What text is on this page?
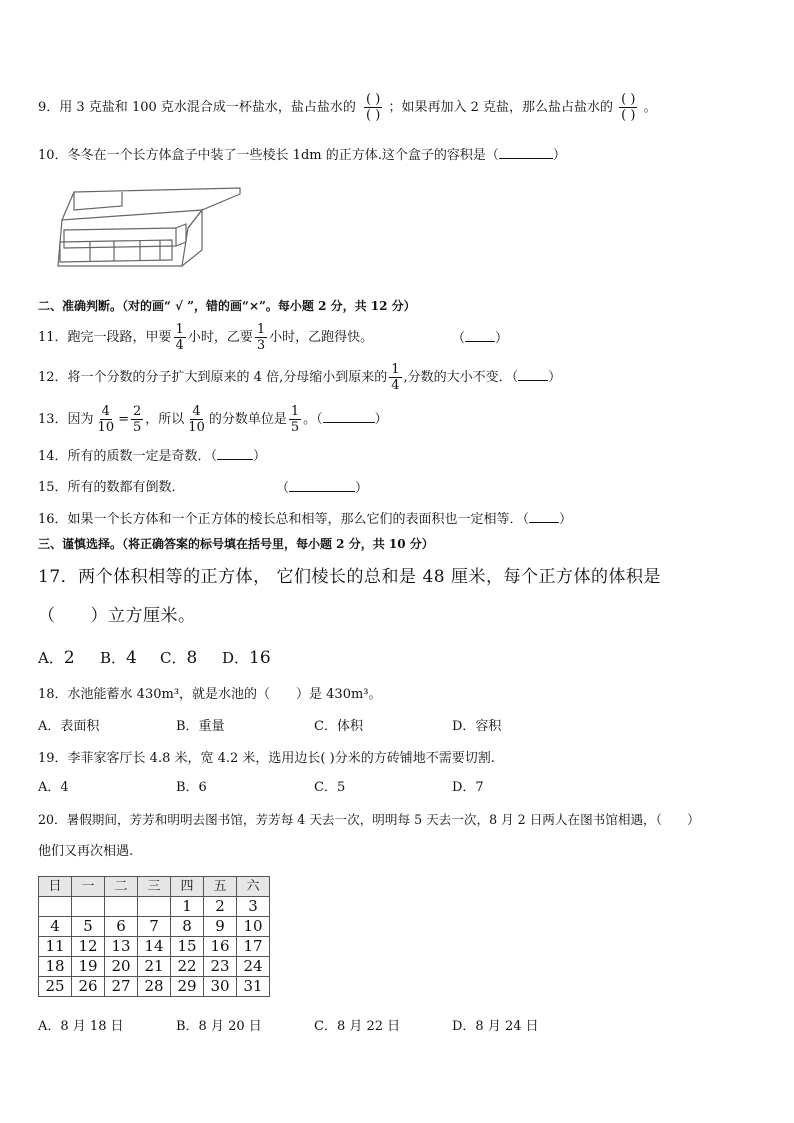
9．用 3 克盐和 100 克水混合成一杯盐水，盐占盐水的 $\frac{( )}{( )}$ ；如果再加入 2 克盐，那么盐占盐水的 $\frac{( )}{( )}$ 。
10．冬冬在一个长方体盒子中装了一些棱长 1dm 的正方体.这个盒子的容积是（	）
二、准确判断。（对的画“ √ ”，错的画“×”。每小题 2 分，共 12 分）
11．跑完一段路，甲要 $\frac{1}{4}$ 小时，乙要 $\frac{1}{3}$ 小时，乙跑得快。	（ ）
12．将一个分数的分子扩大到原来的 4 倍,分母缩小到原来的 $\frac{1}{4}$ ,分数的大小不变．（ ）
13．因为 $\frac{4}{10} = \frac{2}{5}$ ，所以 $\frac{4}{10}$ 的分数单位是 $\frac{1}{5}$ 。（	）
14．所有的质数一定是奇数．（	）
15．所有的数都有倒数．	（	）
16．如果一个长方体和一个正方体的棱长总和相等，那么它们的表面积也一定相等．（ ）
三、谨慎选择。（将正确答案的标号填在括号里，每小题 2 分，共 10 分）
17．两个体积相等的正方体， 它们棱长的总和是 48 厘米，每个正方体的体积是
（　　）立方厘米。
A．2 B．4 C．8 D．16
18．水池能蓄水 430m³，就是水池的（　　）是 430m³。
A．表面积	B．重量	C．体积	D．容积
19．李菲家客厅长 4.8 米，宽 4.2 米，选用边长( )分米的方砖铺地不需要切割.
A．4	B．6	C．5	D．7
20．暑假期间，芳芳和明明去图书馆，芳芳每 4 天去一次，明明每 5 天去一次，8 月 2 日两人在图书馆相遇，（　　）
他们又再次相遇.
日	一	二	三	四	五	六
				1	2	3
4	5	6	7	8	9	10
11	12	13	14	15	16	17
18	19	20	21	22	23	24
25	26	27	28	29	30	31
A．8 月 18 日	B．8 月 20 日	C．8 月 22 日	D．8 月 24 日
